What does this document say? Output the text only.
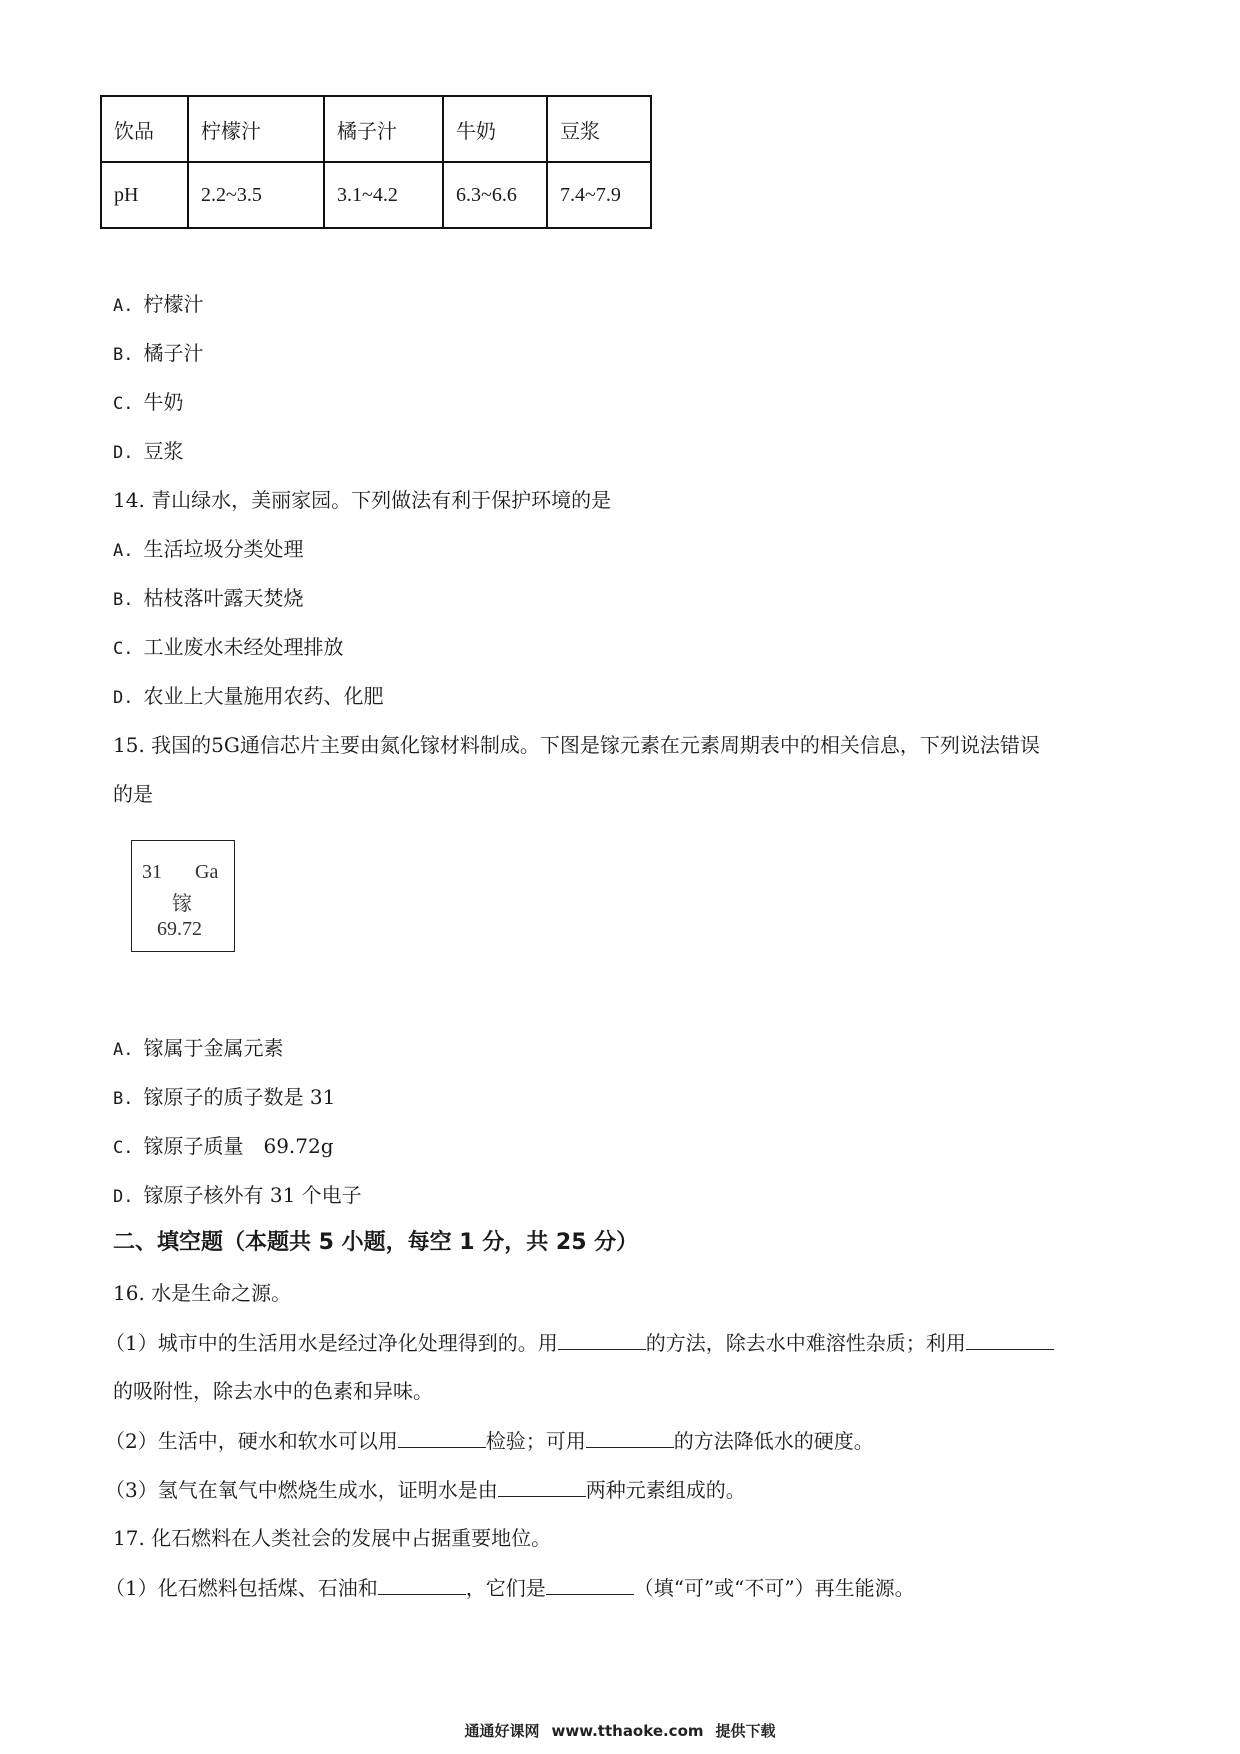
饮品	柠檬汁	橘子汁	牛奶	豆浆
pH	2.2~3.5	3.1~4.2	6.3~6.6	7.4~7.9
A. 柠檬汁
B. 橘子汁
C. 牛奶
D. 豆浆
14. 青山绿水，美丽家园。下列做法有利于保护环境的是
A. 生活垃圾分类处理
B. 枯枝落叶露天焚烧
C. 工业废水未经处理排放
D. 农业上大量施用农药、化肥
15. 我国的5G通信芯片主要由氮化镓材料制成。下图是镓元素在元素周期表中的相关信息，下列说法错误
的是
31 Ga
镓
69.72
A. 镓属于金属元素
B. 镓原子的质子数是 31
C. 镓原子质量　69.72g
D. 镓原子核外有 31 个电子
二、填空题（本题共 5 小题，每空 1 分，共 25 分）
16. 水是生命之源。
（1）城市中的生活用水是经过净化处理得到的。用	的方法，除去水中难溶性杂质；利用
的吸附性，除去水中的色素和异味。
（2）生活中，硬水和软水可以用	检验；可用	的方法降低水的硬度。
（3）氢气在氧气中燃烧生成水，证明水是由	两种元素组成的。
17. 化石燃料在人类社会的发展中占据重要地位。
（1）化石燃料包括煤、石油和	，它们是	（填“可”或“不可”）再生能源。
通通好课网 www.tthaoke.com 提供下载
